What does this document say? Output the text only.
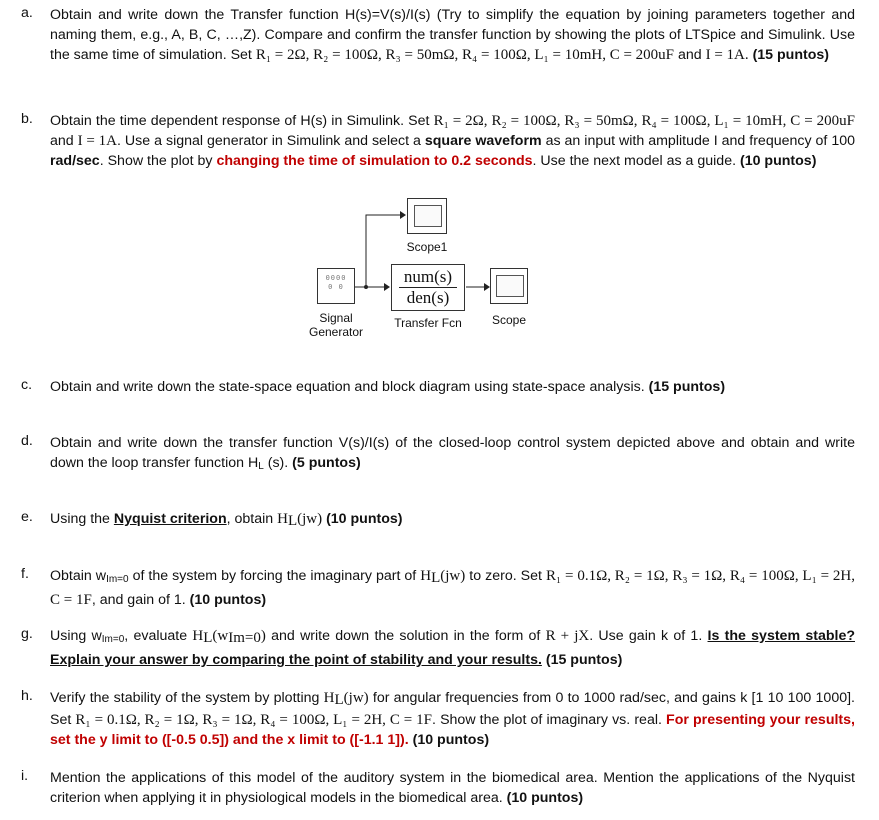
a. Obtain and write down the Transfer function H(s)=V(s)/I(s) (Try to simplify the equation by joining parameters together and naming them, e.g., A, B, C, …,Z). Compare and confirm the transfer function by showing the plots of LTSpice and Simulink. Use the same time of simulation. Set R₁ = 2Ω, R₂ = 100Ω, R₃ = 50mΩ, R₄ = 100Ω, L₁ = 10mH, C = 200uF and I = 1A. (15 puntos)
b. Obtain the time dependent response of H(s) in Simulink. Set R₁ = 2Ω, R₂ = 100Ω, R₃ = 50mΩ, R₄ = 100Ω, L₁ = 10mH, C = 200uF and I = 1A. Use a signal generator in Simulink and select a square waveform as an input with amplitude I and frequency of 100 rad/sec. Show the plot by changing the time of simulation to 0.2 seconds. Use the next model as a guide. (10 puntos)
Scope1
0000
0 0
Signal
Generator
num(s)
den(s)
Transfer Fcn	Scope
c. Obtain and write down the state-space equation and block diagram using state-space analysis. (15 puntos)
d. Obtain and write down the transfer function V(s)/I(s) of the closed-loop control system depicted above and obtain and write down the loop transfer function $H_L$ (s). (5 puntos)
e. Using the Nyquist criterion, obtain $H_L(jw)$ (10 puntos)
f. Obtain $w_{Im=0}$ of the system by forcing the imaginary part of $H_L(jw)$ to zero. Set R₁ = 0.1Ω, R₂ = 1Ω, R₃ = 1Ω, R₄ = 100Ω, L₁ = 2H, C = 1F, and gain of 1. (10 puntos)
g. Using $w_{Im=0}$, evaluate $H_L(w_{Im=0})$ and write down the solution in the form of R + jX. Use gain k of 1. Is the system stable? Explain your answer by comparing the point of stability and your results. (15 puntos)
h. Verify the stability of the system by plotting $H_L(jw)$ for angular frequencies from 0 to 1000 rad/sec, and gains k [1 10 100 1000]. Set R₁ = 0.1Ω, R₂ = 1Ω, R₃ = 1Ω, R₄ = 100Ω, L₁ = 2H, C = 1F. Show the plot of imaginary vs. real. For presenting your results, set the y limit to ([-0.5 0.5]) and the x limit to ([-1.1 1]). (10 puntos)
i. Mention the applications of this model of the auditory system in the biomedical area. Mention the applications of the Nyquist criterion when applying it in physiological models in the biomedical area. (10 puntos)
